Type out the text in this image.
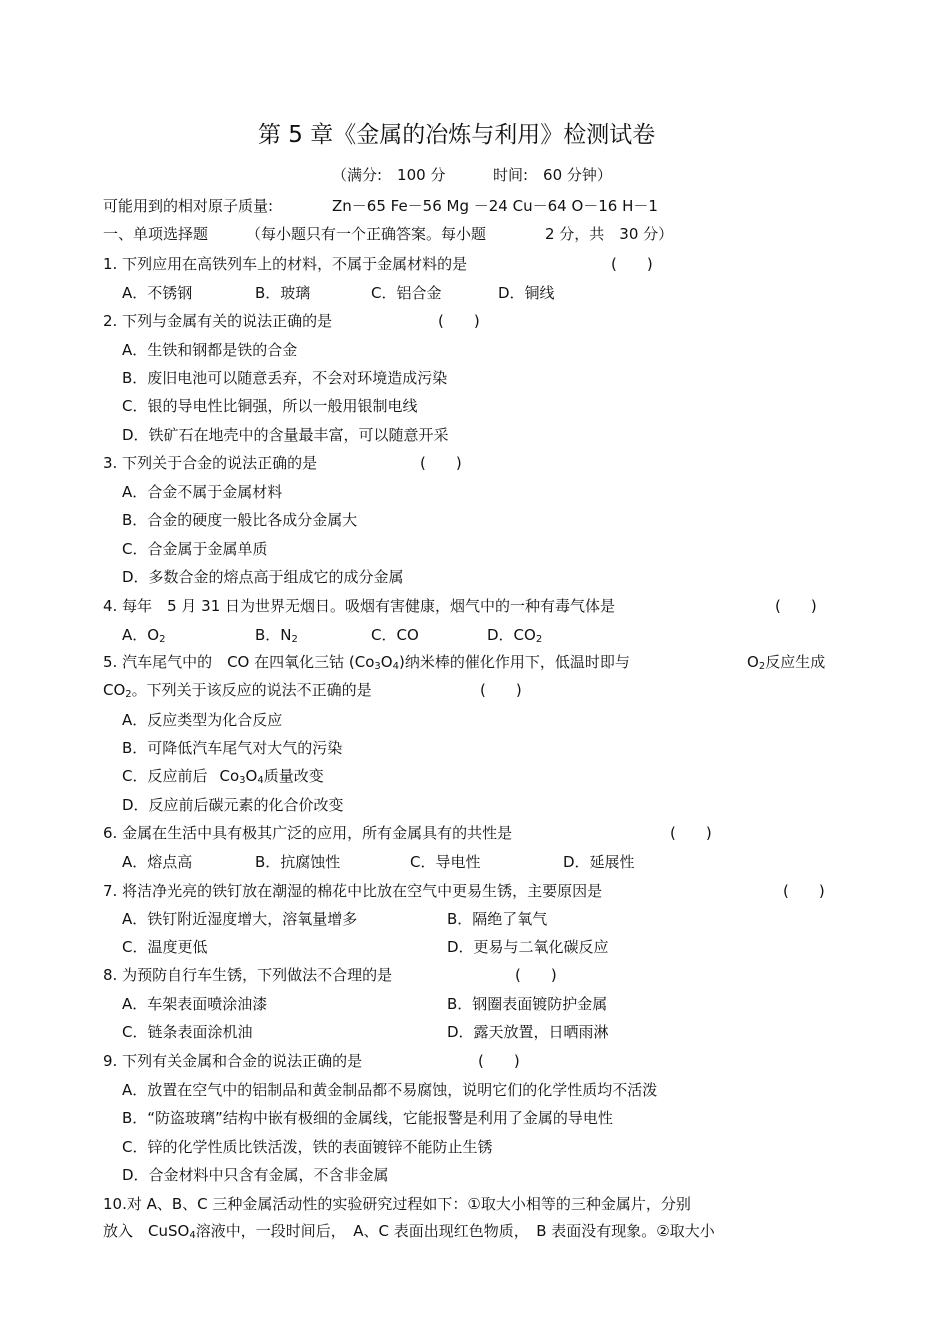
第 5 章《金属的冶炼与利用》检测试卷
（满分:　100 分	时间:　60 分钟）
可能用到的相对原子质量:	Zn－65 Fe－56 Mg －24 Cu－64 O－16 H－1
一、单项选择题	（每小题只有一个正确答案。每小题	2 分，共　30 分）
1. 下列应用在高铁列车上的材料，不属于金属材料的是	(　　)
A．不锈钢	B．玻璃	C．铝合金	D．铜线
2. 下列与金属有关的说法正确的是	(　　)
A．生铁和钢都是铁的合金
B．废旧电池可以随意丢弃，不会对环境造成污染
C．银的导电性比铜强，所以一般用银制电线
D．铁矿石在地壳中的含量最丰富，可以随意开采
3. 下列关于合金的说法正确的是	(　　)
A．合金不属于金属材料
B．合金的硬度一般比各成分金属大
C．合金属于金属单质
D．多数合金的熔点高于组成它的成分金属
4. 每年　5 月 31 日为世界无烟日。吸烟有害健康，烟气中的一种有毒气体是	(　　)
A．$O_2$	B．$N_2$	C．CO	D．$CO_2$
5. 汽车尾气中的　CO 在四氧化三钴 $(Co_3O_4)$纳米棒的催化作用下，低温时即与	$O_2$反应生成
$CO_2$。下列关于该反应的说法不正确的是	(　　)
A．反应类型为化合反应
B．可降低汽车尾气对大气的污染
C．反应前后 $Co_3O_4$质量改变
D．反应前后碳元素的化合价改变
6. 金属在生活中具有极其广泛的应用，所有金属具有的共性是	(　　)
A．熔点高	B．抗腐蚀性	C．导电性	D．延展性
7. 将洁净光亮的铁钉放在潮湿的棉花中比放在空气中更易生锈，主要原因是	(　　)
A．铁钉附近湿度增大，溶氧量增多	B．隔绝了氧气
C．温度更低	D．更易与二氧化碳反应
8. 为预防自行车生锈，下列做法不合理的是	(　　)
A．车架表面喷涂油漆	B．钢圈表面镀防护金属
C．链条表面涂机油	D．露天放置，日晒雨淋
9. 下列有关金属和合金的说法正确的是	(　　)
A．放置在空气中的铝制品和黄金制品都不易腐蚀，说明它们的化学性质均不活泼
B．“防盗玻璃”结构中嵌有极细的金属线，它能报警是利用了金属的导电性
C．锌的化学性质比铁活泼，铁的表面镀锌不能防止生锈
D．合金材料中只含有金属，不含非金属
10.对 A、B、C 三种金属活动性的实验研究过程如下：①取大小相等的三种金属片，分别
放入　CuSO$_4$溶液中，一段时间后，　A、C 表面出现红色物质，　B 表面没有现象。②取大小
